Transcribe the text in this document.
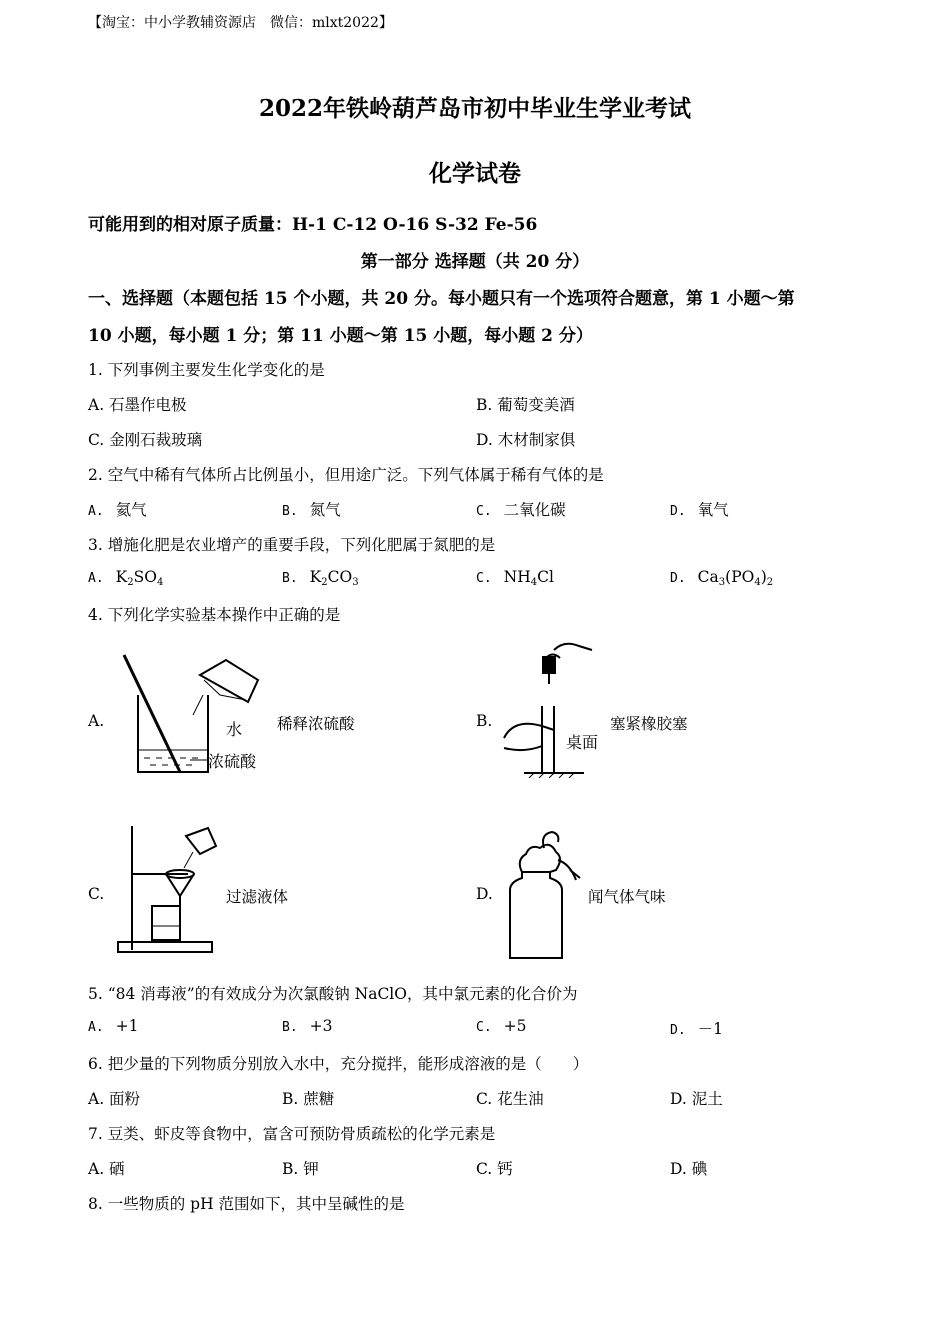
【淘宝：中小学教辅资源店　微信：mlxt2022】
2022年铁岭葫芦岛市初中毕业生学业考试
化学试卷
可能用到的相对原子质量：H-1 C-12 O-16 S-32 Fe-56
第一部分 选择题（共 20 分）
一、选择题（本题包括 15 个小题，共 20 分。每小题只有一个选项符合题意，第 1 小题～第
10 小题，每小题 1 分；第 11 小题～第 15 小题，每小题 2 分）
1. 下列事例主要发生化学变化的是
A. 石墨作电极	B. 葡萄变美酒
C. 金刚石裁玻璃	D. 木材制家俱
2. 空气中稀有气体所占比例虽小，但用途广泛。下列气体属于稀有气体的是
A. 氦气	B. 氮气	C. 二氧化碳	D. 氧气
3. 增施化肥是农业增产的重要手段，下列化肥属于氮肥的是
A. $K_2SO_4$	B. $K_2CO_3$	C. $NH_4Cl$	D. $Ca_3(PO_4)_2$
4. 下列化学实验基本操作中正确的是
A.	水
浓硫酸
稀释浓硫酸	B.
桌面
塞紧橡胶塞
C.	过滤液体	D.	闻气体气味
5. “84 消毒液”的有效成分为次氯酸钠 NaClO，其中氯元素的化合价为
A. +1	B. +3	C. +5	D. －1
6. 把少量的下列物质分别放入水中，充分搅拌，能形成溶液的是（　　）
A. 面粉	B. 蔗糖	C. 花生油	D. 泥土
7. 豆类、虾皮等食物中，富含可预防骨质疏松的化学元素是
A. 硒	B. 钾	C. 钙	D. 碘
8. 一些物质的 pH 范围如下，其中呈碱性的是
